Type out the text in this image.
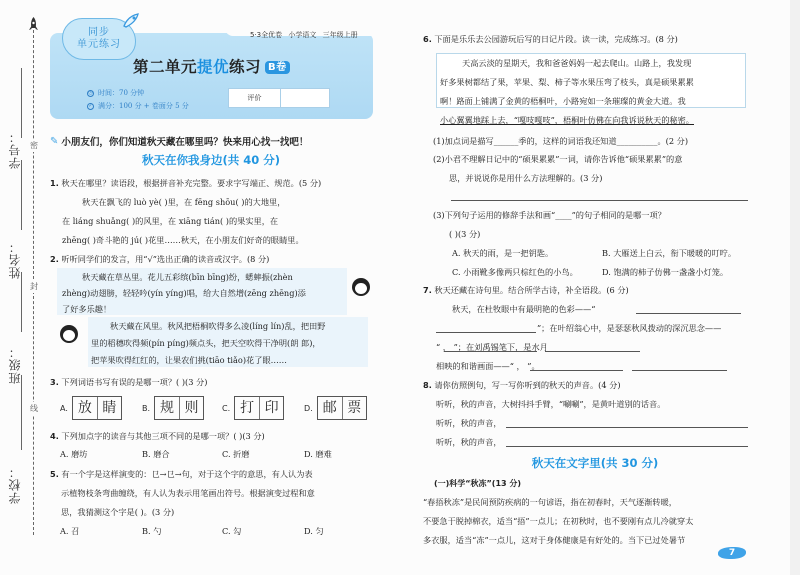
密
封
线
学号：
姓名：
班级：
学校：
同步
单元练习
5·3全优卷 小学语文 三年级上册
第二单元提优练习 B卷
◷ 时间：70 分钟
✓ 满分：100 分 + 卷面分 5 分
评价
✎ 小朋友们，你们知道秋天藏在哪里吗？快来用心找一找吧！
秋天在你我身边(共 40 分)
1. 秋天在哪里？读语段，根据拼音补充完整。要求字写端正、规范。(5 分)
秋天在飘飞的 luò yè( )里，在 fēng shōu( )的大地里，
在 liáng shuǎng( )的风里，在 xiāng tián( )的果实里，在
zhēng( )奇斗艳的 jú( )花里……秋天，在小朋友们好奇的眼睛里。
2. 听听同学们的发言，用“√”选出正确的读音或汉字。(8 分)
秋天藏在草丛里。花儿五彩缤(bīn bīng)纷，蟋蟀振(zhèn
zhèng)动翅膀，轻轻吟(yín yíng)唱，给大自然增(zēng zhēng)添
了好多乐趣！
秋天藏在风里。秋风把梧桐吹得多么凌(líng lín)乱，把田野
里的稻穗吹得频(pín píng)频点头，把天空吹得干净明(朗 郎)，
把苹果吹得红红的，让果农们挑(tiāo tiǎo)花了眼……
3. 下列词语书写有误的是哪一项？( )(3 分)
A. 放 睛	B. 规 则	C. 打 印	D. 邮 票
4. 下列加点字的读音与其他三项不同的是哪一项？( )(3 分)
A. 磨坊	B. 磨合	C. 折磨	D. 磨难
5. 有一个字是这样演变的：㔾→㔾→句，对于这个字的意思，有人认为表
示植物枝条弯曲缠绕，有人认为表示用笔画出符号。根据演变过程和意
思，我猜测这个字是( )。(3 分)
A. 召	B. 勺	C. 勾	D. 匀
6. 下面是乐乐去公园游玩后写的日记片段。读一读，完成练习。(8 分)
天高云淡的星期天，我和爸爸妈妈一起去爬山。山路上，我发现
好多果树都结了果，苹果、梨、柿子等水果压弯了枝头，真是硕果累累
啊！路面上铺满了金黄的梧桐叶，小路宛如一条璀璨的黄金大道。我
小心翼翼地踩上去，“嘎吱嘎吱”，梧桐叶仿佛在向我诉说秋天的秘密。
(1)加点词是描写______季的，这样的词语我还知道__________。(2 分)
(2)小君不理解日记中的“硕果累累”一词，请你告诉他“硕果累累”的意
思，并说说你是用什么方法理解的。(3 分)
(3)下列句子运用的修辞手法和画“____”的句子相同的是哪一项？
( )(3 分)
A. 秋天的雨，是一把钥匙。	B. 大雁送上白云，衔下暖暖的叮咛。
C. 小雨靴多像两只棕红色的小鸟。	D. 饱满的柿子仿佛一盏盏小灯笼。
7. 秋天还藏在诗句里。结合所学古诗，补全语段。(6 分)
秋天，在杜牧眼中有最明艳的色彩——“
”；在叶绍翁心中，是瑟瑟秋风拨动的深沉思念——
“ ， ”；在刘禹锡笔下，是水月
相映的和谐画面——“ ， ”。
8. 请你仿照例句，写一写你听到的秋天的声音。(4 分)
听听，秋的声音，大树抖抖手臂，“唰唰”，是黄叶道别的话音。
听听，秋的声音，
听听，秋的声音，
秋天在文字里(共 30 分)
(一)科学“秋冻”(13 分)
“春捂秋冻”是民间预防疾病的一句谚语，指在初春时，天气逐渐转暖，
不要急于脱掉棉衣，适当“捂”一点儿；在初秋时，也不要刚有点儿冷就穿太
多衣服，适当“冻”一点儿，这对于身体健康是有好处的。当下已过处暑节
7
